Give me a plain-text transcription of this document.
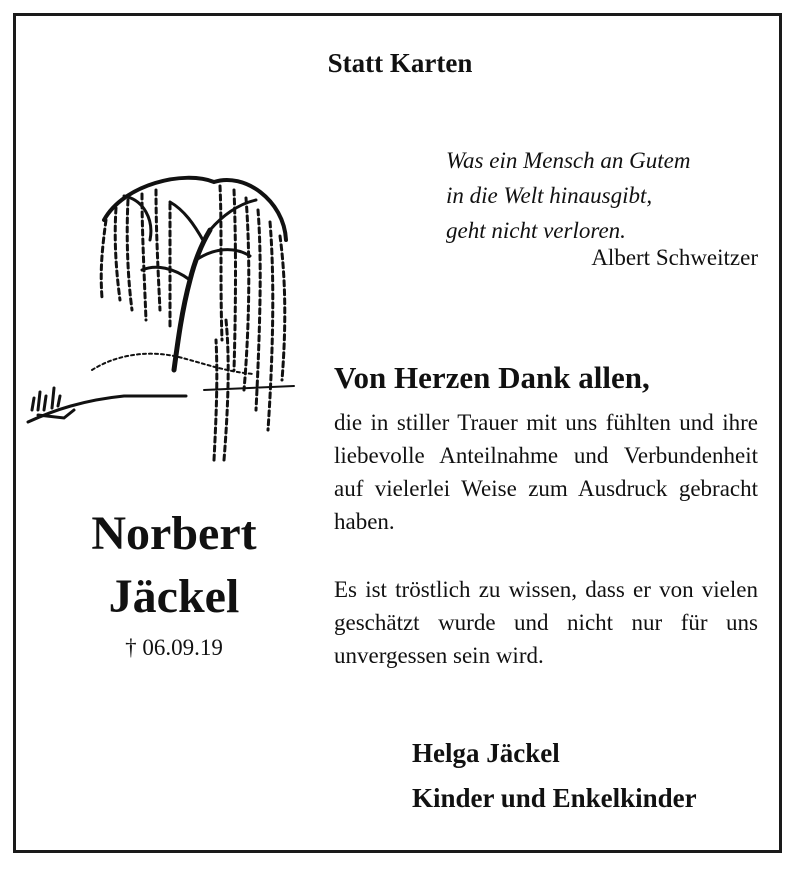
Statt Karten
Was ein Mensch an Gutem
in die Welt hinausgibt,
geht nicht verloren.
Albert Schweitzer
Norbert
Jäckel
† 06.09.19
Von Herzen Dank allen,

die in stiller Trauer mit uns fühlten und ihre liebevolle Anteilnahme und Verbundenheit auf vielerlei Weise zum Ausdruck gebracht haben.

Es ist tröstlich zu wissen, dass er von vielen geschätzt wurde und nicht nur für uns unvergessen sein wird.

Helga Jäckel
Kinder und Enkelkinder
